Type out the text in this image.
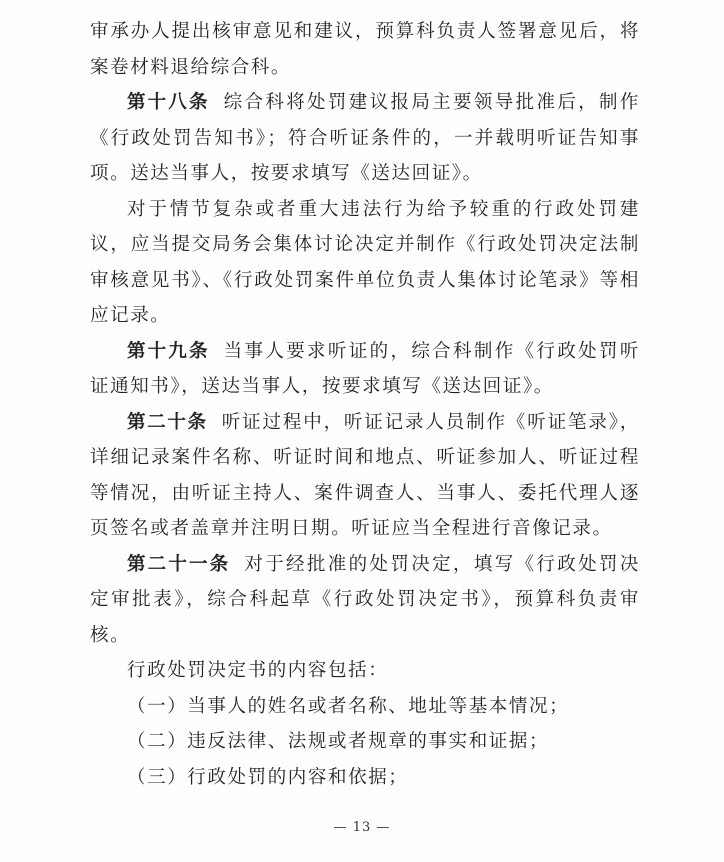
审承办人提出核审意见和建议，预算科负责人签署意见后，将案卷材料退给综合科。

第十八条 综合科将处罚建议报局主要领导批准后，制作《行政处罚告知书》；符合听证条件的，一并载明听证告知事项。送达当事人，按要求填写《送达回证》。

对于情节复杂或者重大违法行为给予较重的行政处罚建议，应当提交局务会集体讨论决定并制作《行政处罚决定法制审核意见书》、《行政处罚案件单位负责人集体讨论笔录》等相应记录。

第十九条 当事人要求听证的，综合科制作《行政处罚听证通知书》，送达当事人，按要求填写《送达回证》。

第二十条 听证过程中，听证记录人员制作《听证笔录》，详细记录案件名称、听证时间和地点、听证参加人、听证过程等情况，由听证主持人、案件调查人、当事人、委托代理人逐页签名或者盖章并注明日期。听证应当全程进行音像记录。

第二十一条 对于经批准的处罚决定，填写《行政处罚决定审批表》，综合科起草《行政处罚决定书》，预算科负责审核。

行政处罚决定书的内容包括：

（一）当事人的姓名或者名称、地址等基本情况；

（二）违反法律、法规或者规章的事实和证据；

（三）行政处罚的内容和依据；

— 13 —
